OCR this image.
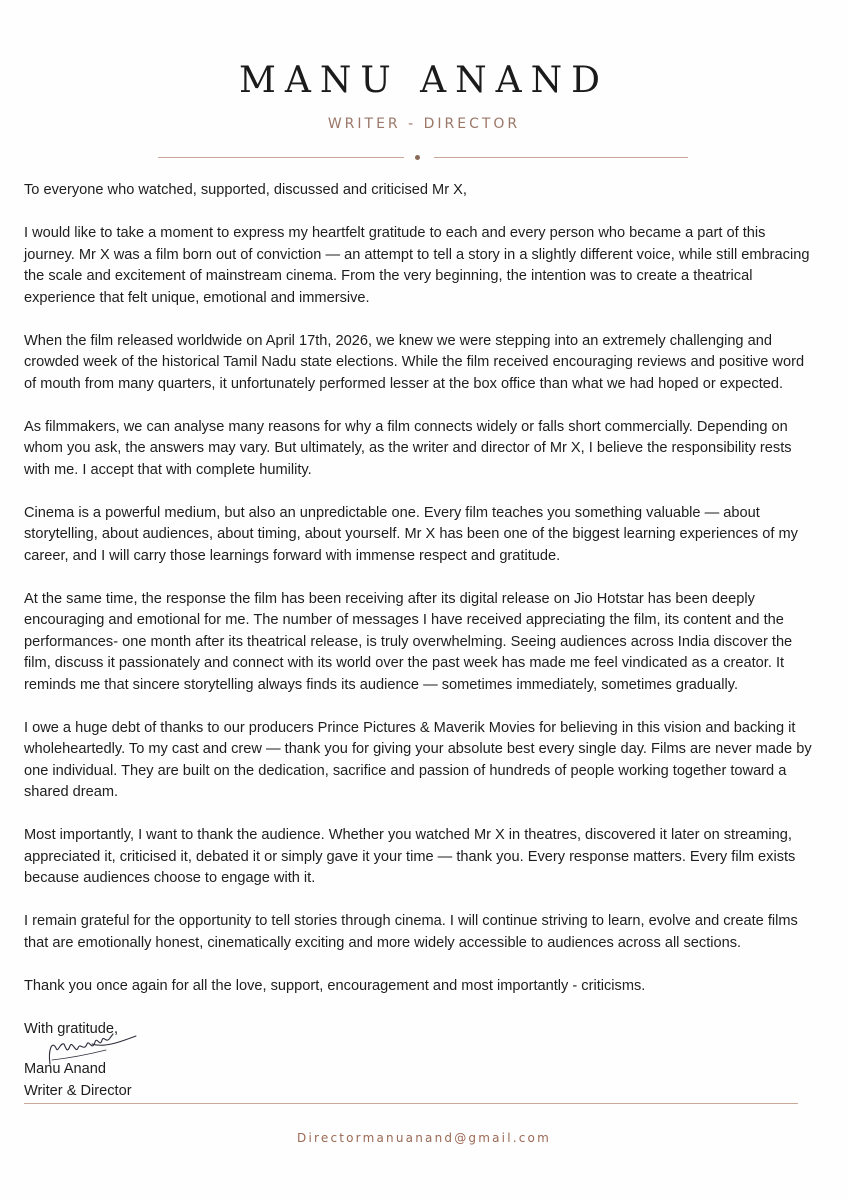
MANU ANAND
WRITER - DIRECTOR

To everyone who watched, supported, discussed and criticised Mr X,

I would like to take a moment to express my heartfelt gratitude to each and every person who became a part of this journey. Mr X was a film born out of conviction — an attempt to tell a story in a slightly different voice, while still embracing the scale and excitement of mainstream cinema. From the very beginning, the intention was to create a theatrical experience that felt unique, emotional and immersive.

When the film released worldwide on April 17th, 2026, we knew we were stepping into an extremely challenging and crowded week of the historical Tamil Nadu state elections. While the film received encouraging reviews and positive word of mouth from many quarters, it unfortunately performed lesser at the box office than what we had hoped or expected.

As filmmakers, we can analyse many reasons for why a film connects widely or falls short commercially. Depending on whom you ask, the answers may vary. But ultimately, as the writer and director of Mr X, I believe the responsibility rests with me. I accept that with complete humility.

Cinema is a powerful medium, but also an unpredictable one. Every film teaches you something valuable — about storytelling, about audiences, about timing, about yourself. Mr X has been one of the biggest learning experiences of my career, and I will carry those learnings forward with immense respect and gratitude.

At the same time, the response the film has been receiving after its digital release on Jio Hotstar has been deeply encouraging and emotional for me. The number of messages I have received appreciating the film, its content and the performances- one month after its theatrical release, is truly overwhelming. Seeing audiences across India discover the film, discuss it passionately and connect with its world over the past week has made me feel vindicated as a creator. It reminds me that sincere storytelling always finds its audience — sometimes immediately, sometimes gradually.

I owe a huge debt of thanks to our producers Prince Pictures & Maverik Movies for believing in this vision and backing it wholeheartedly. To my cast and crew — thank you for giving your absolute best every single day. Films are never made by one individual. They are built on the dedication, sacrifice and passion of hundreds of people working together toward a shared dream.

Most importantly, I want to thank the audience. Whether you watched Mr X in theatres, discovered it later on streaming, appreciated it, criticised it, debated it or simply gave it your time — thank you. Every response matters. Every film exists because audiences choose to engage with it.

I remain grateful for the opportunity to tell stories through cinema. I will continue striving to learn, evolve and create films that are emotionally honest, cinematically exciting and more widely accessible to audiences across all sections.

Thank you once again for all the love, support, encouragement and most importantly - criticisms.

With gratitude,

Manu Anand
Writer & Director
Directormanuanand@gmail.com
